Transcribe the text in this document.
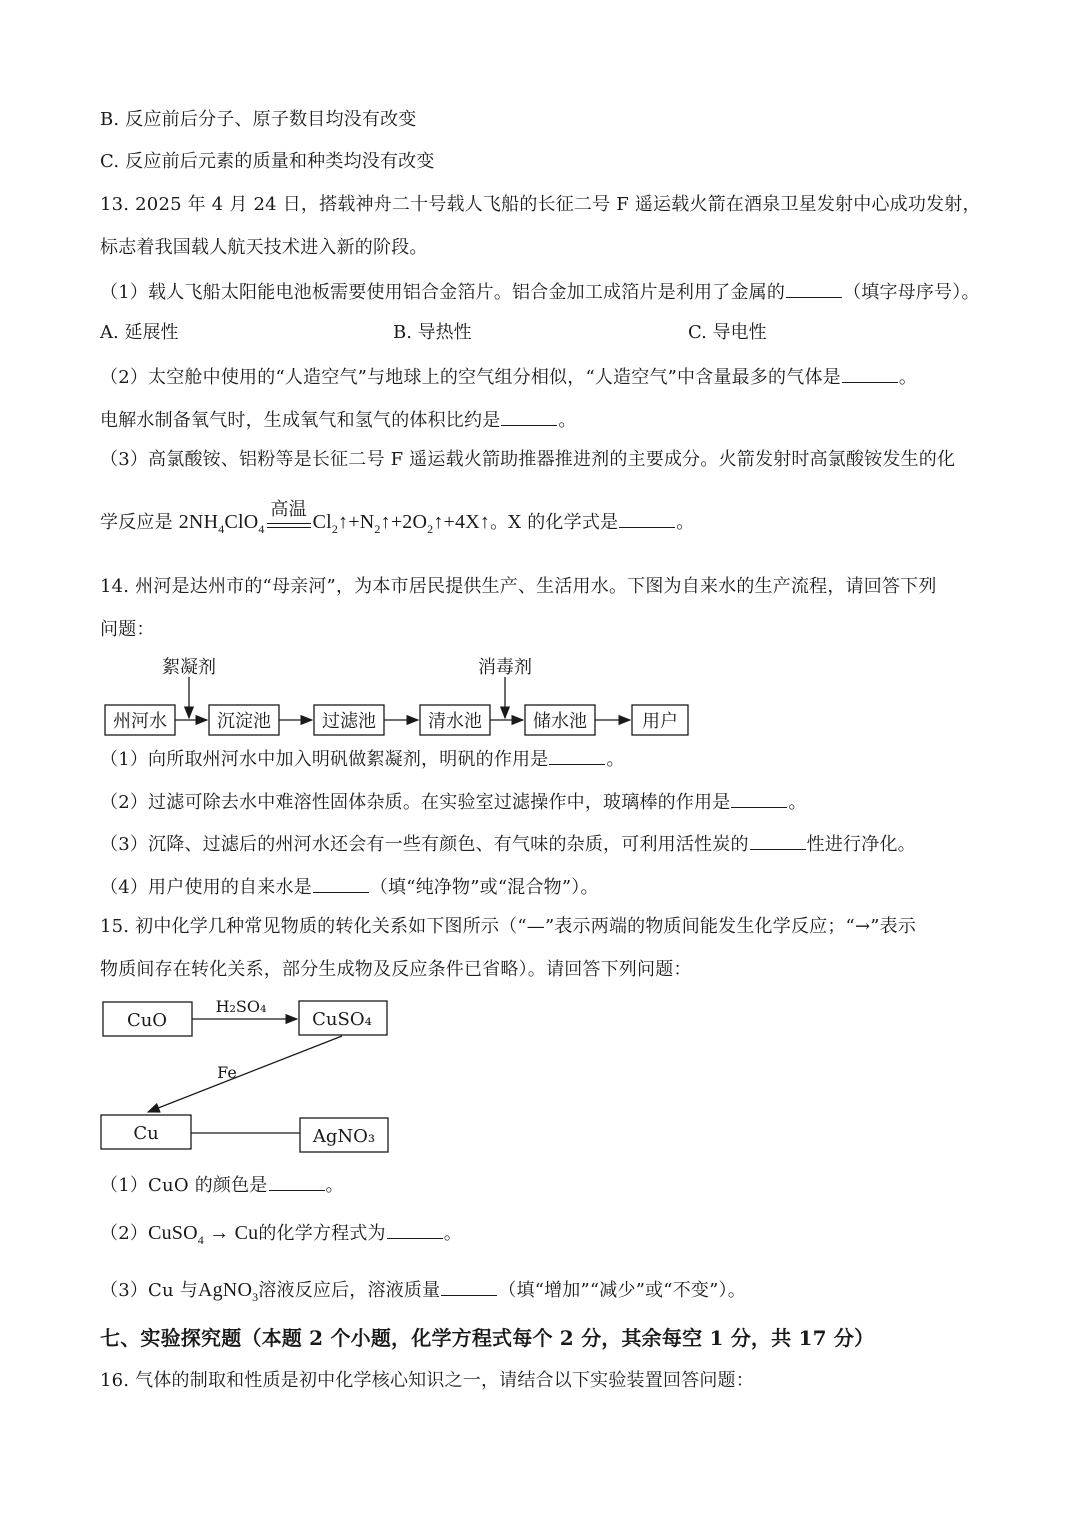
B. 反应前后分子、原子数目均没有改变
C. 反应前后元素的质量和种类均没有改变
13. 2025 年 4 月 24 日，搭载神舟二十号载人飞船的长征二号 F 遥运载火箭在酒泉卫星发射中心成功发射，
标志着我国载人航天技术进入新的阶段。
（1）载人飞船太阳能电池板需要使用铝合金箔片。铝合金加工成箔片是利用了金属的	（填字母序号）。
A. 延展性	B. 导热性	C. 导电性
（2）太空舱中使用的“人造空气”与地球上的空气组分相似，“人造空气”中含量最多的气体是	。
电解水制备氧气时，生成氧气和氢气的体积比约是	。
（3）高氯酸铵、铝粉等是长征二号 F 遥运载火箭助推器推进剂的主要成分。火箭发射时高氯酸铵发生的化
学反应是 $2NH_4ClO_4$
高温
$Cl_2↑+N_2↑+2O_2↑+4X↑$。X 的化学式是	。
14. 州河是达州市的“母亲河”，为本市居民提供生产、生活用水。下图为自来水的生产流程，请回答下列
问题：
州河水	沉淀池	过滤池	清水池	储水池	用户
絮凝剂	消毒剂
（1）向所取州河水中加入明矾做絮凝剂，明矾的作用是	。
（2）过滤可除去水中难溶性固体杂质。在实验室过滤操作中，玻璃棒的作用是	。
（3）沉降、过滤后的州河水还会有一些有颜色、有气味的杂质，可利用活性炭的	性进行净化。
（4）用户使用的自来水是	（填“纯净物”或“混合物”）。
15. 初中化学几种常见物质的转化关系如下图所示（“—”表示两端的物质间能发生化学反应；“→”表示
物质间存在转化关系，部分生成物及反应条件已省略）。请回答下列问题：
CuO	CuSO₄
H₂SO₄
Fe
Cu	AgNO₃
（1）CuO 的颜色是	。
（2）CuSO$_4$ → Cu的化学方程式为	。
（3）Cu 与AgNO$_3$溶液反应后，溶液质量	（填“增加”“减少”或“不变”）。
七、实验探究题（本题 2 个小题，化学方程式每个 2 分，其余每空 1 分，共 17 分）
16. 气体的制取和性质是初中化学核心知识之一，请结合以下实验装置回答问题：
